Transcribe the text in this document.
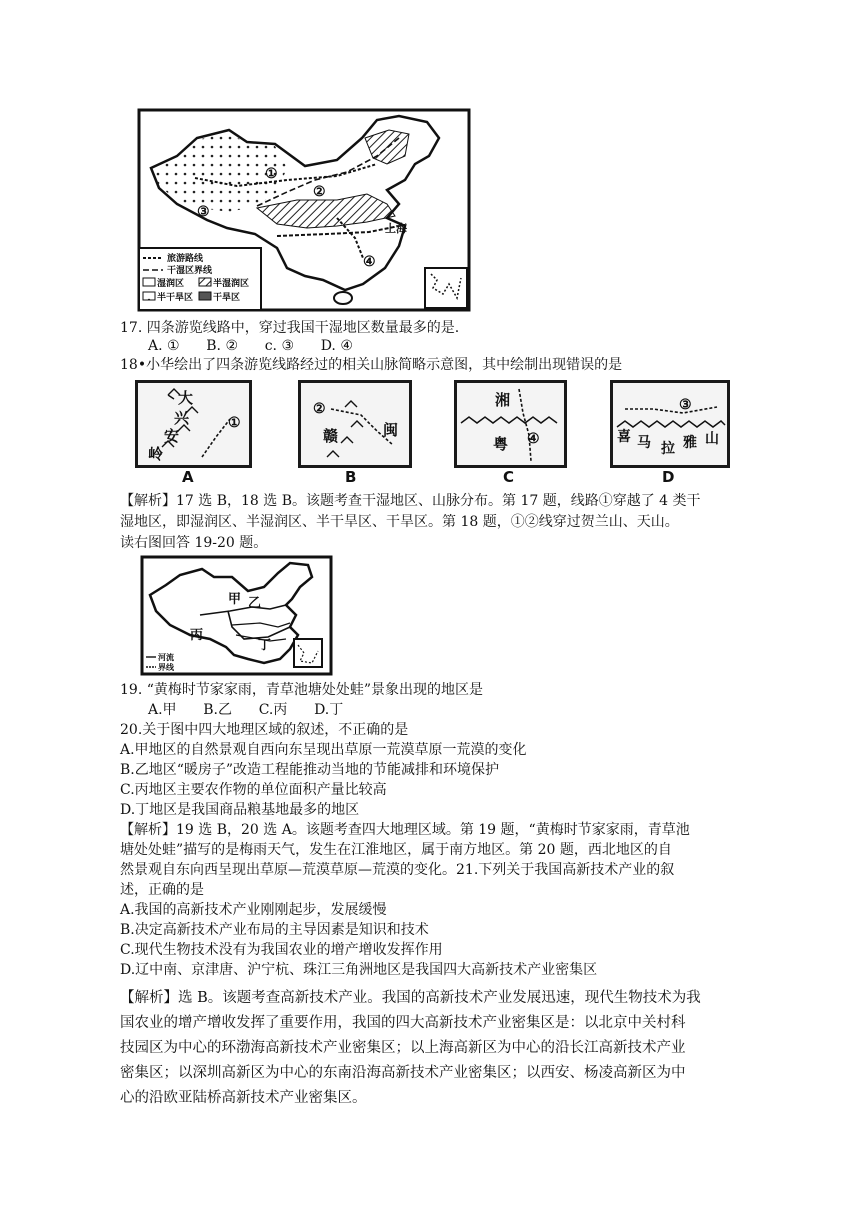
①
②
③
④
上海
旅游路线
干湿区界线
湿润区	半湿润区
半干旱区 干旱区
17. 四条游览线路中，穿过我国干湿地区数量最多的是.
A. ①      B. ②      c. ③      D. ④
18•小华绘出了四条游览线路经过的相关山脉简略示意图，其中绘制出现错误的是
大
兴
安
岭
①
②
赣	闽
湘
粤 ④
③
喜 马 拉 雅 山
A	B	C	D
【解析】17 选 B，18 选 B。该题考查干湿地区、山脉分布。第 17 题，线路①穿越了 4 类干
湿地区，即湿润区、半湿润区、半干旱区、干旱区。第 18 题，①②线穿过贺兰山、天山。
读右图回答 19-20 题。
甲 乙
丙
丁
河流
界线
19. “黄梅时节家家雨，青草池塘处处蛙”景象出现的地区是
A.甲      B.乙      C.丙      D.丁
20.关于图中四大地理区域的叙述，不正确的是
A.甲地区的自然景观自西向东呈现出草原一荒漠草原一荒漠的变化
B.乙地区“暖房子”改造工程能推动当地的节能减排和环境保护
C.丙地区主要农作物的单位面积产量比较高
D.丁地区是我国商品粮基地最多的地区
【解析】19 选 B，20 选 A。该题考查四大地理区域。第 19 题，“黄梅时节家家雨，青草池
塘处处蛙”描写的是梅雨天气，发生在江淮地区，属于南方地区。第 20 题，西北地区的自
然景观自东向西呈现出草原—荒漠草原—荒漠的变化。21.下列关于我国高新技术产业的叙
述，正确的是
A.我国的高新技术产业刚刚起步，发展缓慢
B.决定高新技术产业布局的主导因素是知识和技术
C.现代生物技术没有为我国农业的增产增收发挥作用
D.辽中南、京津唐、沪宁杭、珠江三角洲地区是我国四大高新技术产业密集区
【解析】选 B。该题考查高新技术产业。我国的高新技术产业发展迅速，现代生物技术为我
国农业的增产增收发挥了重要作用，我国的四大高新技术产业密集区是：以北京中关村科
技园区为中心的环渤海高新技术产业密集区；以上海高新区为中心的沿长江高新技术产业
密集区；以深圳高新区为中心的东南沿海高新技术产业密集区；以西安、杨凌高新区为中
心的沿欧亚陆桥高新技术产业密集区。
